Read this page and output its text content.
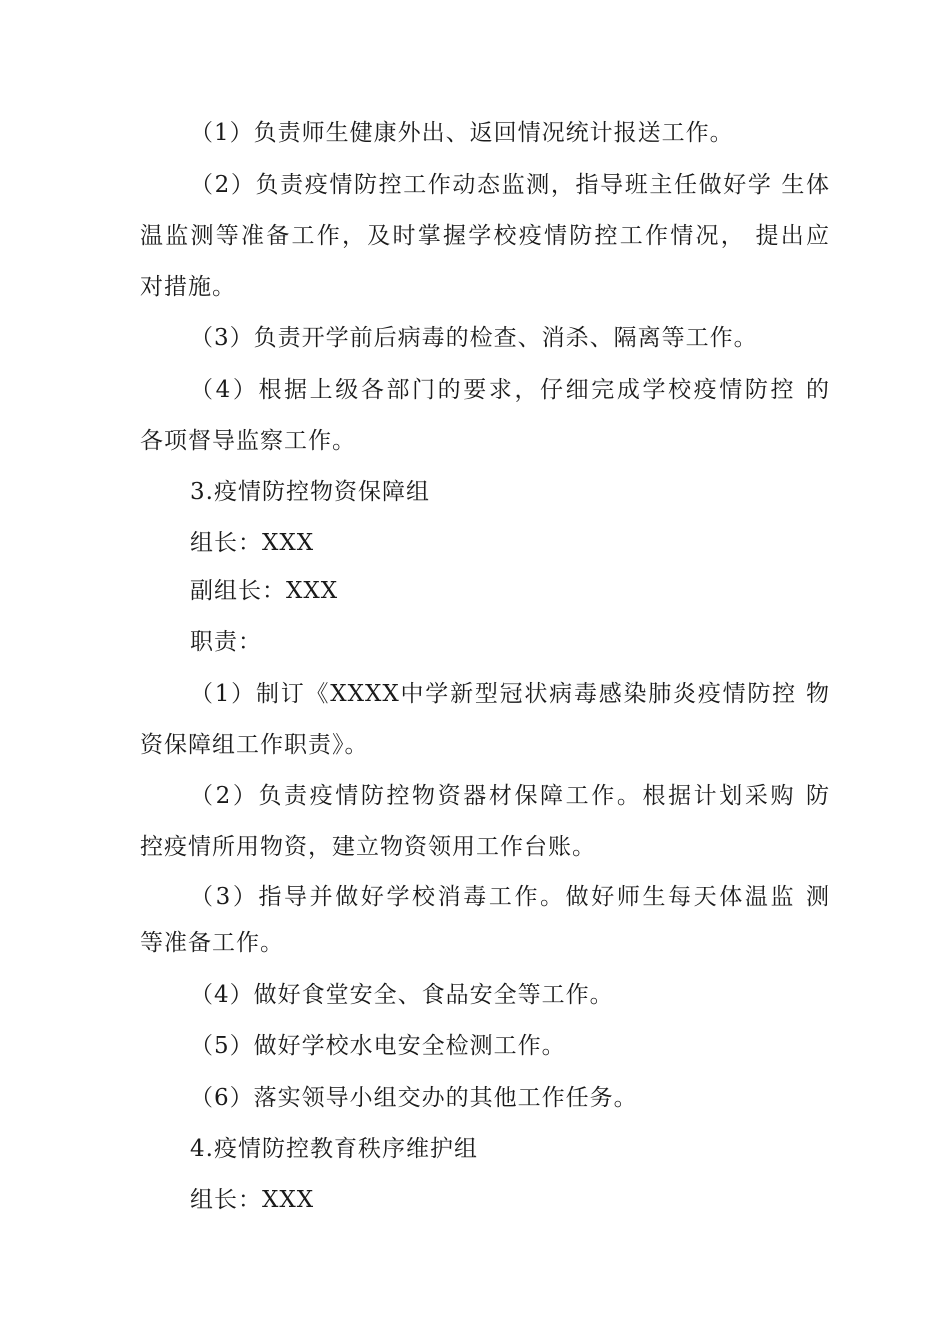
（1）负责师生健康外出、返回情况统计报送工作。
（2）负责疫情防控工作动态监测，指导班主任做好学 生体
温监测等准备工作，及时掌握学校疫情防控工作情况， 提出应
对措施。
（3）负责开学前后病毒的检查、消杀、隔离等工作。
（4）根据上级各部门的要求，仔细完成学校疫情防控 的
各项督导监察工作。
3.疫情防控物资保障组
组长：XXX
副组长：XXX
职责：
（1）制订《XXXX中学新型冠状病毒感染肺炎疫情防控 物
资保障组工作职责》。
（2）负责疫情防控物资器材保障工作。根据计划采购 防
控疫情所用物资，建立物资领用工作台账。
（3）指导并做好学校消毒工作。做好师生每天体温监 测
等准备工作。
（4）做好食堂安全、食品安全等工作。
（5）做好学校水电安全检测工作。
（6）落实领导小组交办的其他工作任务。
4.疫情防控教育秩序维护组
组长：XXX
